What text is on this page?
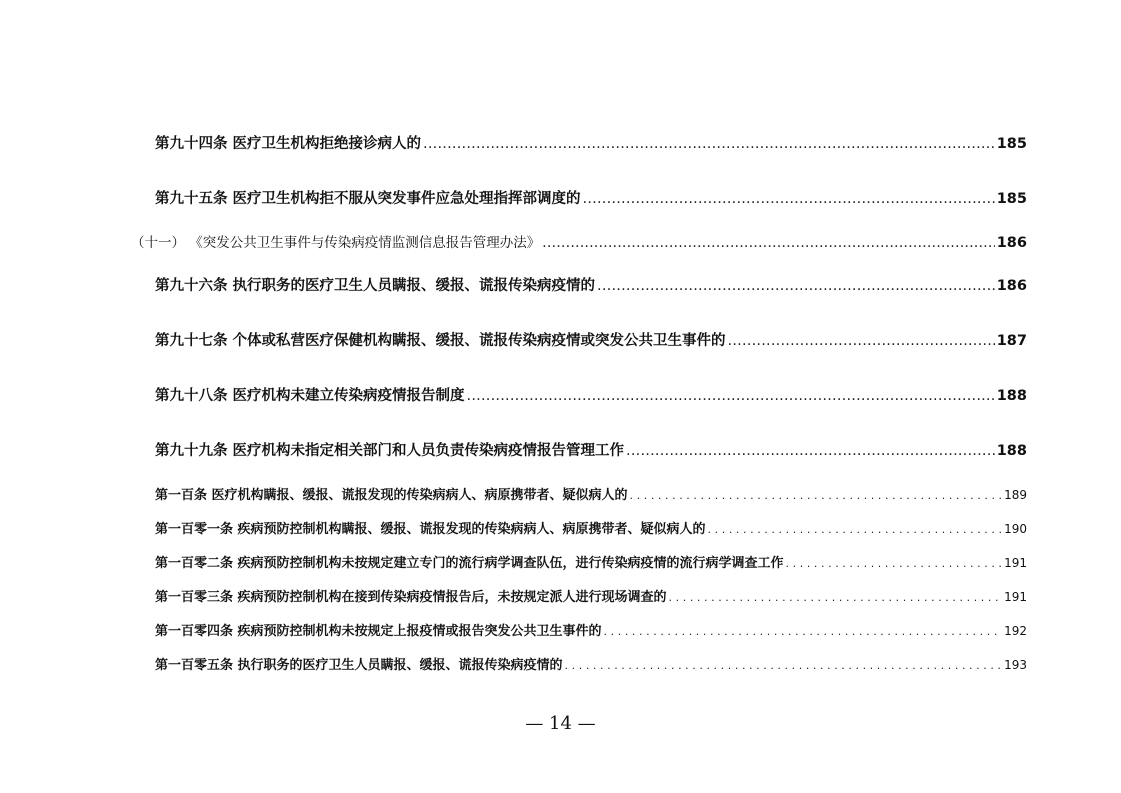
第九十四条 医疗卫生机构拒绝接诊病人的 .....	185
第九十五条 医疗卫生机构拒不服从突发事件应急处理指挥部调度的 .....	185
（十一） 《突发公共卫生事件与传染病疫情监测信息报告管理办法》 .....	186
第九十六条 执行职务的医疗卫生人员瞒报、缓报、谎报传染病疫情的 .....	186
第九十七条 个体或私营医疗保健机构瞒报、缓报、谎报传染病疫情或突发公共卫生事件的 .....	187
第九十八条 医疗机构未建立传染病疫情报告制度 .....	188
第九十九条 医疗机构未指定相关部门和人员负责传染病疫情报告管理工作 .....	188
第一百条 医疗机构瞒报、缓报、谎报发现的传染病病人、病原携带者、疑似病人的 .....	189
第一百零一条 疾病预防控制机构瞒报、缓报、谎报发现的传染病病人、病原携带者、疑似病人的 .....	190
第一百零二条 疾病预防控制机构未按规定建立专门的流行病学调查队伍，进行传染病疫情的流行病学调查工作 .....	191
第一百零三条 疾病预防控制机构在接到传染病疫情报告后，未按规定派人进行现场调查的 .....	191
第一百零四条 疾病预防控制机构未按规定上报疫情或报告突发公共卫生事件的 .....	192
第一百零五条 执行职务的医疗卫生人员瞒报、缓报、谎报传染病疫情的 .....	193
— 14 —
